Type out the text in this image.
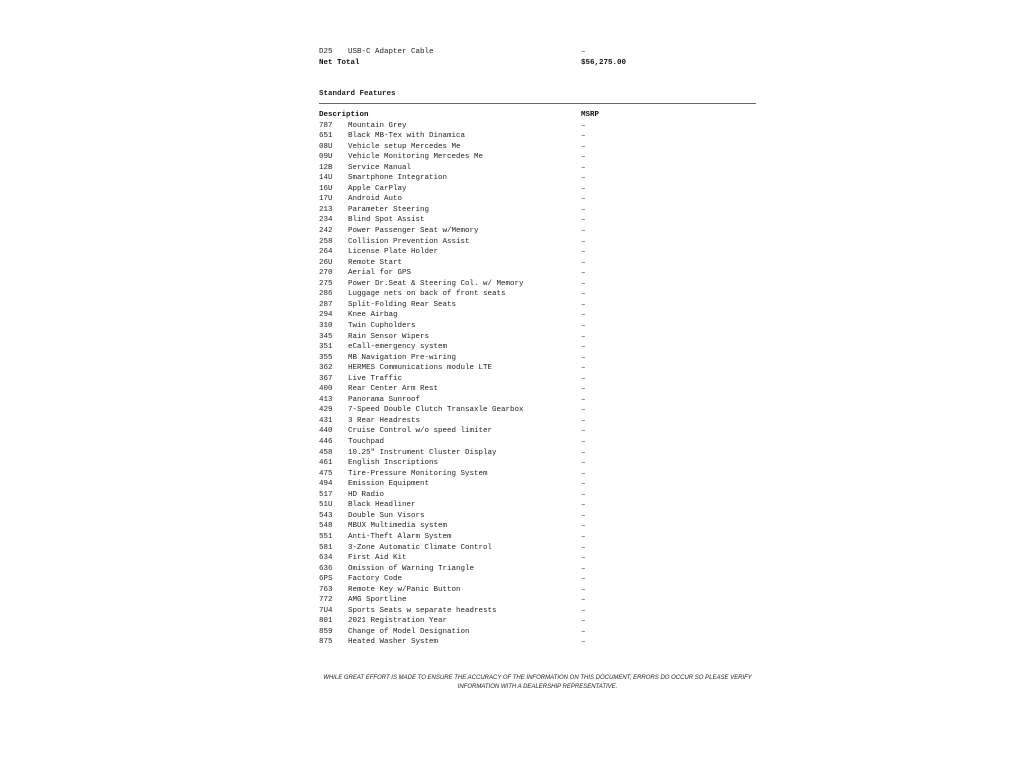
D25 USB-C Adapter Cable	–
Net Total	$56,275.00
Standard Features
Description	MSRP
787 Mountain Grey	–
651 Black MB-Tex with Dinamica	–
08U Vehicle setup Mercedes Me	–
09U Vehicle Monitoring Mercedes Me	–
12B Service Manual	–
14U Smartphone Integration	–
16U Apple CarPlay	–
17U Android Auto	–
213 Parameter Steering	–
234 Blind Spot Assist	–
242 Power Passenger Seat w/Memory	–
258 Collision Prevention Assist	–
264 License Plate Holder	–
26U Remote Start	–
270 Aerial for GPS	–
275 Power Dr.Seat & Steering Col. w/ Memory	–
286 Luggage nets on back of front seats	–
287 Split-Folding Rear Seats	–
294 Knee Airbag	–
310 Twin Cupholders	–
345 Rain Sensor Wipers	–
351 eCall-emergency system	–
355 MB Navigation Pre-wiring	–
362 HERMES Communications module LTE	–
367 Live Traffic	–
400 Rear Center Arm Rest	–
413 Panorama Sunroof	–
429 7-Speed Double Clutch Transaxle Gearbox	–
431 3 Rear Headrests	–
440 Cruise Control w/o speed limiter	–
446 Touchpad	–
458 10.25" Instrument Cluster Display	–
461 English Inscriptions	–
475 Tire-Pressure Monitoring System	–
494 Emission Equipment	–
517 HD Radio	–
51U Black Headliner	–
543 Double Sun Visors	–
548 MBUX Multimedia system	–
551 Anti-Theft Alarm System	–
581 3-Zone Automatic Climate Control	–
634 First Aid Kit	–
636 Omission of Warning Triangle	–
6PS Factory Code	–
763 Remote Key w/Panic Button	–
772 AMG Sportline	–
7U4 Sports Seats w separate headrests	–
801 2021 Registration Year	–
859 Change of Model Designation	–
875 Heated Washer System	–
WHILE GREAT EFFORT IS MADE TO ENSURE THE ACCURACY OF THE INFORMATION ON THIS DOCUMENT, ERRORS DO OCCUR SO PLEASE VERIFY INFORMATION WITH A DEALERSHIP REPRESENTATIVE.
